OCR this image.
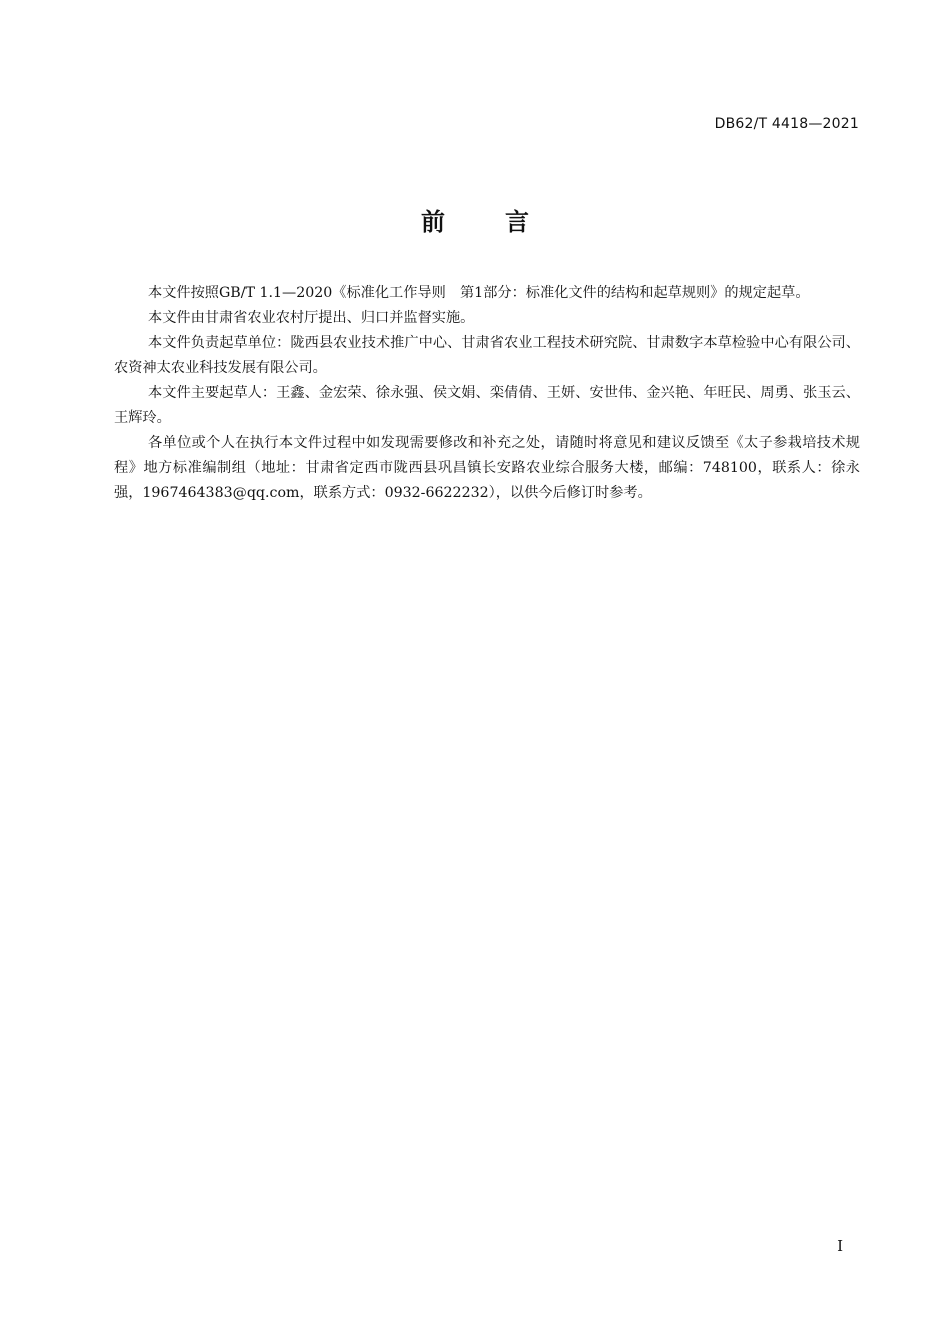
DB62/T 4418—2021
前言

本文件按照GB/T 1.1—2020《标准化工作导则　第1部分：标准化文件的结构和起草规则》的规定起草。

本文件由甘肃省农业农村厅提出、归口并监督实施。

本文件负责起草单位：陇西县农业技术推广中心、甘肃省农业工程技术研究院、甘肃数字本草检验中心有限公司、农资神太农业科技发展有限公司。

本文件主要起草人：王鑫、金宏荣、徐永强、侯文娟、栾倩倩、王妍、安世伟、金兴艳、年旺民、周勇、张玉云、王辉玲。

各单位或个人在执行本文件过程中如发现需要修改和补充之处，请随时将意见和建议反馈至《太子参栽培技术规程》地方标准编制组（地址：甘肃省定西市陇西县巩昌镇长安路农业综合服务大楼，邮编：748100，联系人：徐永强，1967464383@qq.com，联系方式：0932-6622232），以供今后修订时参考。

I
